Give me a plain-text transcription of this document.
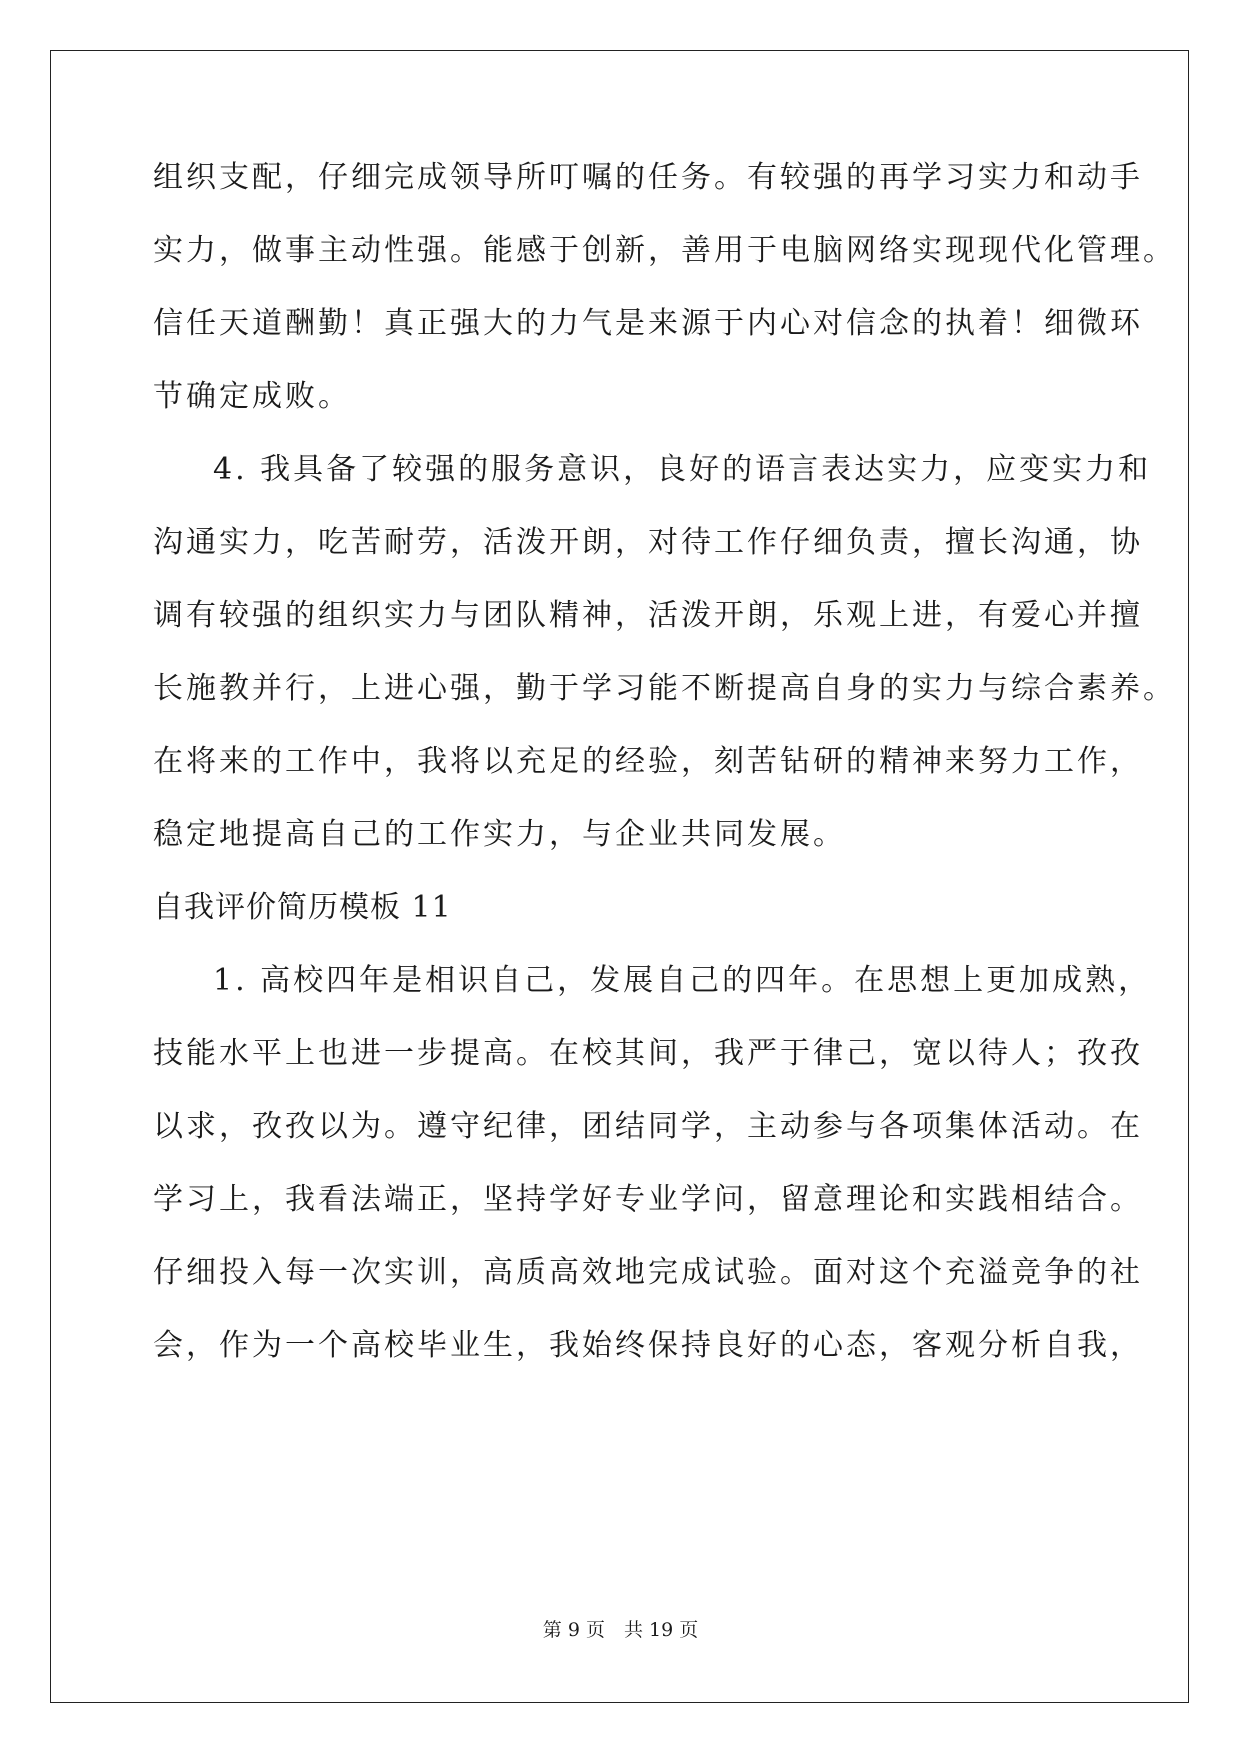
组织支配，仔细完成领导所叮嘱的任务。有较强的再学习实力和动手
实力，做事主动性强。能感于创新，善用于电脑网络实现现代化管理。
信任天道酬勤！真正强大的力气是来源于内心对信念的执着！细微环
节确定成败。
4. 我具备了较强的服务意识，良好的语言表达实力，应变实力和
沟通实力，吃苦耐劳，活泼开朗，对待工作仔细负责，擅长沟通，协
调有较强的组织实力与团队精神，活泼开朗，乐观上进，有爱心并擅
长施教并行，上进心强，勤于学习能不断提高自身的实力与综合素养。
在将来的工作中，我将以充足的经验，刻苦钻研的精神来努力工作，
稳定地提高自己的工作实力，与企业共同发展。
自我评价简历模板 11
1. 高校四年是相识自己，发展自己的四年。在思想上更加成熟，
技能水平上也进一步提高。在校其间，我严于律己，宽以待人；孜孜
以求，孜孜以为。遵守纪律，团结同学，主动参与各项集体活动。在
学习上，我看法端正，坚持学好专业学问，留意理论和实践相结合。
仔细投入每一次实训，高质高效地完成试验。面对这个充溢竞争的社
会，作为一个高校毕业生，我始终保持良好的心态，客观分析自我，
第 9 页　共 19 页
